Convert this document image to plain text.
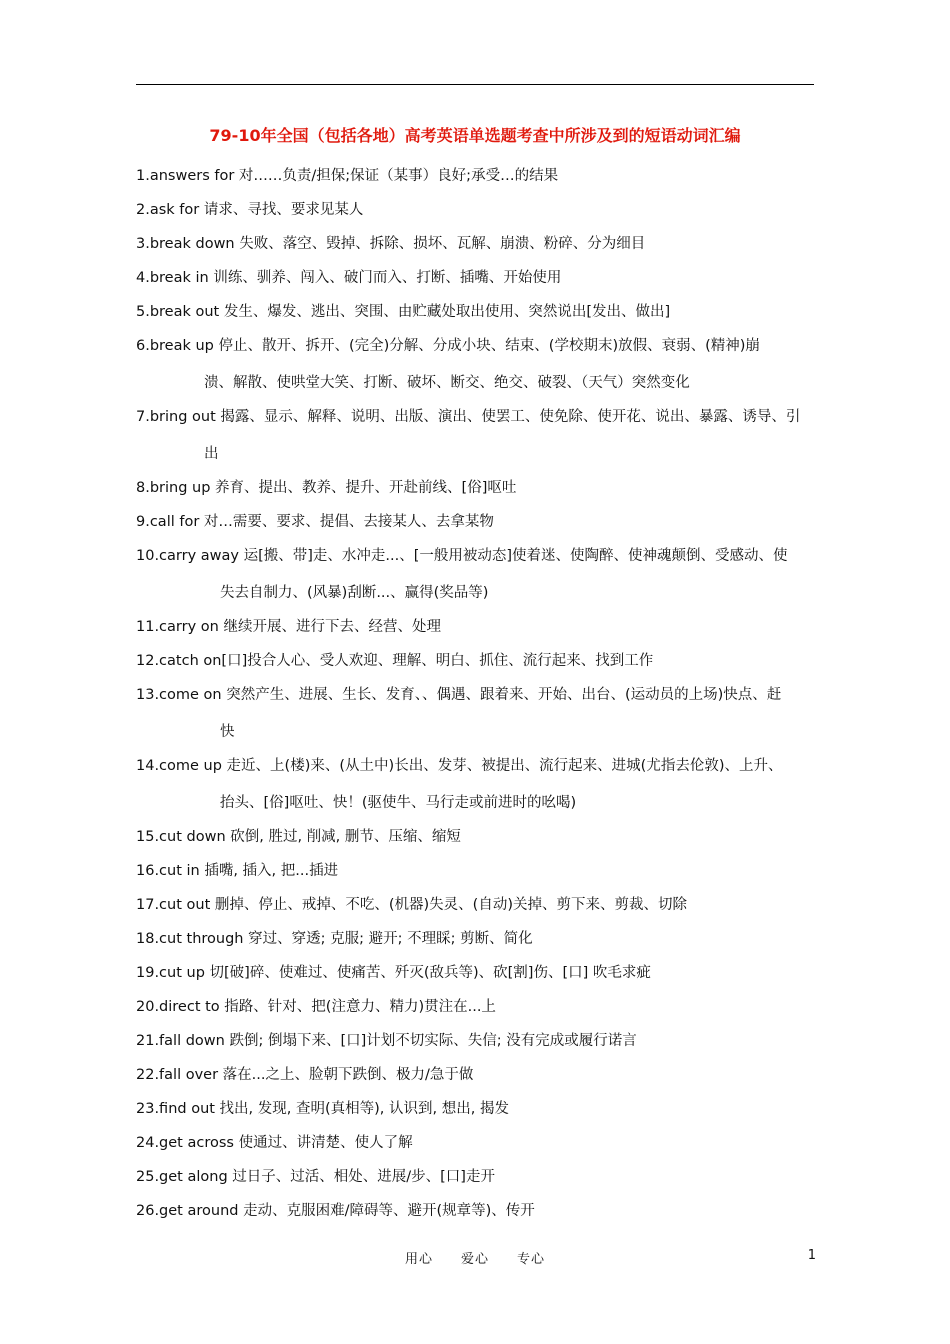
79-10年全国（包括各地）高考英语单选题考查中所涉及到的短语动词汇编
1.answers for 对……负责/担保;保证（某事）良好;承受…的结果
2.ask for 请求、寻找、要求见某人
3.break down 失败、落空、毁掉、拆除、损坏、瓦解、崩溃、粉碎、分为细目
4.break in 训练、驯养、闯入、破门而入、打断、插嘴、开始使用
5.break out 发生、爆发、逃出、突围、由贮藏处取出使用、突然说出[发出、做出]
6.break up 停止、散开、拆开、(完全)分解、分成小块、结束、(学校期末)放假、衰弱、(精神)崩
溃、解散、使哄堂大笑、打断、破坏、断交、绝交、破裂、（天气）突然变化
7.bring out 揭露、显示、解释、说明、出版、演出、使罢工、使免除、使开花、说出、暴露、诱导、引
出
8.bring up 养育、提出、教养、提升、开赴前线、[俗]呕吐
9.call for 对…需要、要求、提倡、去接某人、去拿某物
10.carry away 运[搬、带]走、水冲走...、[一般用被动态]使着迷、使陶醉、使神魂颠倒、受感动、使
失去自制力、(风暴)刮断...、赢得(奖品等)
11.carry on 继续开展、进行下去、经营、处理
12.catch on[口]投合人心、受人欢迎、理解、明白、抓住、流行起来、找到工作
13.come on 突然产生、进展、生长、发育、、偶遇、跟着来、开始、出台、(运动员的上场)快点、赶
快
14.come up 走近、上(楼)来、(从土中)长出、发芽、被提出、流行起来、进城(尤指去伦敦)、上升、
抬头、[俗]呕吐、快！(驱使牛、马行走或前进时的吆喝)
15.cut down 砍倒, 胜过, 削减, 删节、压缩、缩短
16.cut in 插嘴, 插入, 把...插进
17.cut out 删掉、停止、戒掉、不吃、(机器)失灵、(自动)关掉、剪下来、剪裁、切除
18.cut through 穿过、穿透; 克服; 避开; 不理睬; 剪断、简化
19.cut up 切[破]碎、使难过、使痛苦、歼灭(敌兵等)、砍[割]伤、[口] 吹毛求疵
20.direct to 指路、针对、把(注意力、精力)贯注在...上
21.fall down 跌倒; 倒塌下来、[口]计划不切实际、失信; 没有完成或履行诺言
22.fall over 落在...之上、脸朝下跌倒、极力/急于做
23.find out 找出, 发现, 查明(真相等), 认识到, 想出, 揭发
24.get across 使通过、讲清楚、使人了解
25.get along 过日子、过活、相处、进展/步、[口]走开
26.get around 走动、克服困难/障碍等、避开(规章等)、传开
用心　　爱心　　专心	1
